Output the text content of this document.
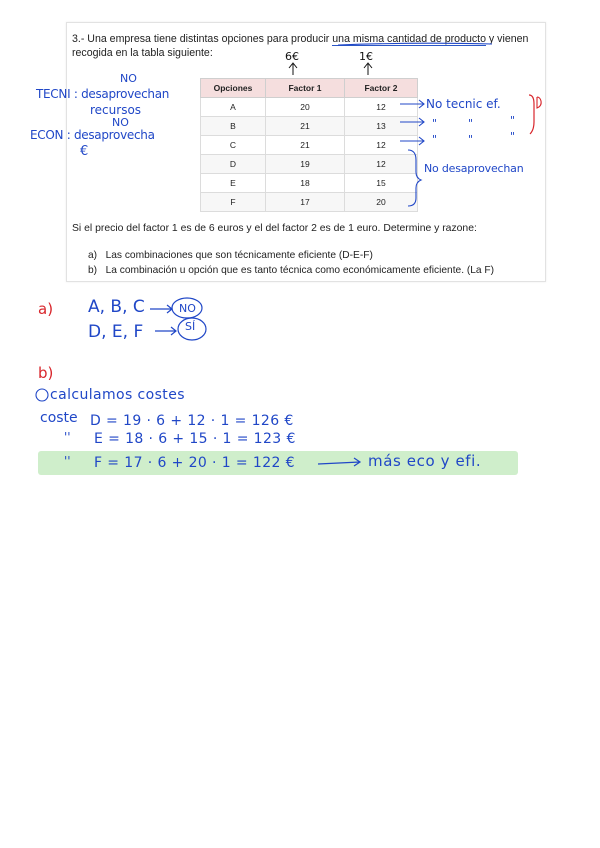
3.- Una empresa tiene distintas opciones para producir una misma cantidad de producto y vienen recogida en la tabla siguiente:
Opciones	Factor 1	Factor 2
A	20	12
B	21	13
C	21	12
D	19	12
E	18	15
F	17	20
Si el precio del factor 1 es de 6 euros y el del factor 2 es de 1 euro. Determine y razone:
a) Las combinaciones que son técnicamente eficiente (D-E-F)
b) La combinación u opción que es tanto técnica como económicamente eficiente. (La F)
6€	1€
NO
TECNI : desaprovechan
recursos
NO
ECON : desaprovecha
€
No tecnic ef.
"	"	"
"	"	"
No desaprovechan
a) A, B, C	NO
D, E, F	SÍ
b)
calculamos costes
coste D = 19 · 6 + 12 · 1 = 126 €
'' E = 18 · 6 + 15 · 1 = 123 €
'' F = 17 · 6 + 20 · 1 = 122 €	más eco y efi.
